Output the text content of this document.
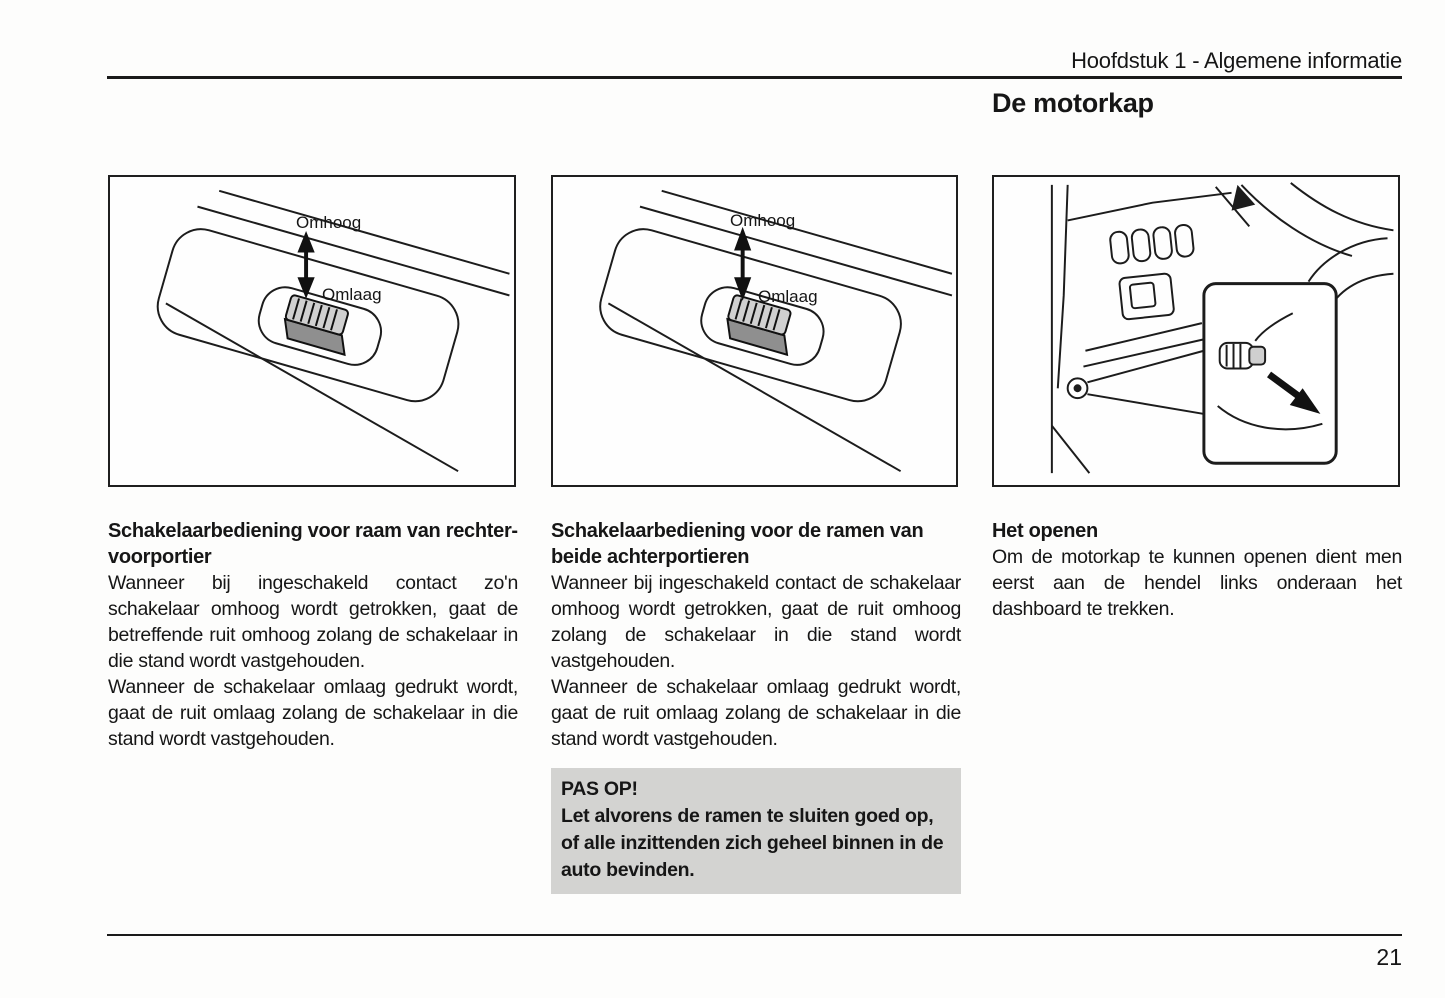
Hoofdstuk 1 - Algemene informatie
De motorkap
Omhoog
Omlaag
Omhoog
Omlaag
Schakelaarbediening voor raam van rechter-voorportier

Wanneer bij ingeschakeld contact zo'n schakelaar omhoog wordt getrokken, gaat de betreffende ruit omhoog zolang de schakelaar in die stand wordt vastgehouden.

Wanneer de schakelaar omlaag gedrukt wordt, gaat de ruit omlaag zolang de schakelaar in die stand wordt vastgehouden.

Schakelaarbediening voor de ramen van beide achterportieren

Wanneer bij ingeschakeld contact de schakelaar omhoog wordt getrokken, gaat de ruit omhoog zolang de schakelaar in die stand wordt vastgehouden.

Wanneer de schakelaar omlaag gedrukt wordt, gaat de ruit omlaag zolang de schakelaar in die stand wordt vastgehouden.

PAS OP!
Let alvorens de ramen te sluiten goed op, of alle inzittenden zich geheel binnen in de auto bevinden.
Het openen

Om de motorkap te kunnen openen dient men eerst aan de hendel links onderaan het dashboard te trekken.

21
